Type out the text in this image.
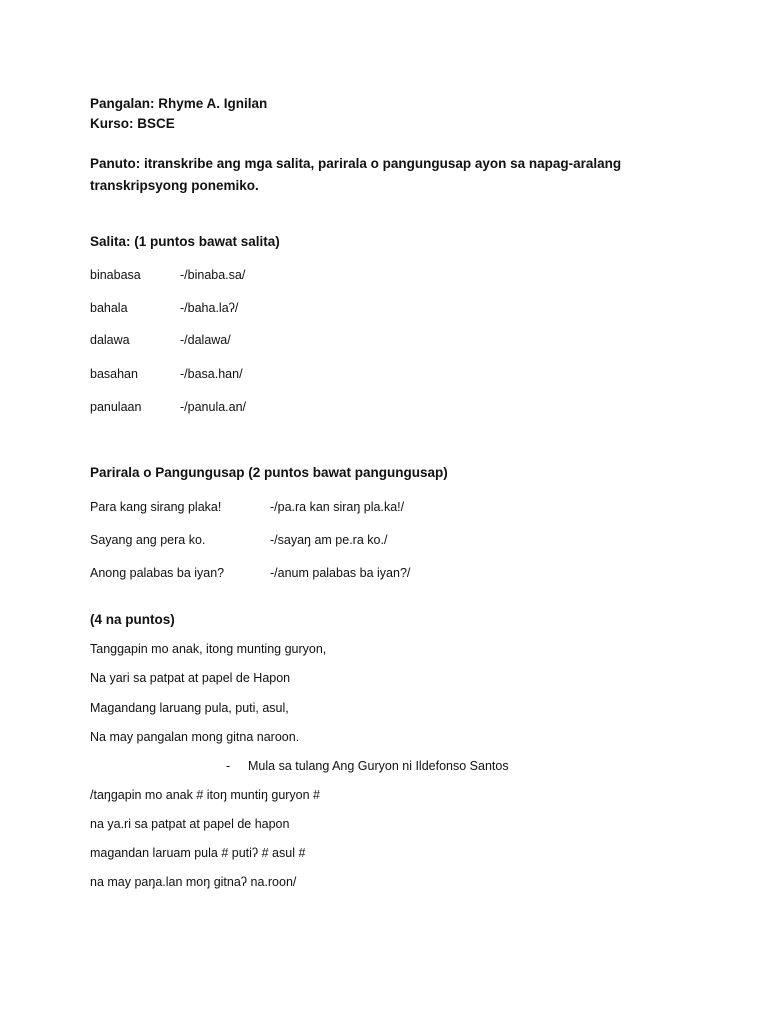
Pangalan: Rhyme A. Ignilan
Kurso: BSCE
Panuto: itranskribe ang mga salita, parirala o pangungusap ayon sa napag-aralang
transkripsyong ponemiko.
Salita: (1 puntos bawat salita)
binabasa	-/binaba.sa/
bahala	-/baha.laʔ/
dalawa	-/dalawa/
basahan	-/basa.han/
panulaan	-/panula.an/
Parirala o Pangungusap (2 puntos bawat pangungusap)
Para kang sirang plaka!	-/pa.ra kan siraŋ pla.ka!/
Sayang ang pera ko.	-/sayaŋ am pe.ra ko./
Anong palabas ba iyan?	-/anum palabas ba iyan?/
(4 na puntos)
Tanggapin mo anak, itong munting guryon,
Na yari sa patpat at papel de Hapon
Magandang laruang pula, puti, asul,
Na may pangalan mong gitna naroon.
- Mula sa tulang Ang Guryon ni Ildefonso Santos
/taŋgapin mo anak # itoŋ muntiŋ guryon #
na ya.ri sa patpat at papel de hapon
magandan laruam pula # putiʔ # asul #
na may paŋa.lan moŋ gitnaʔ na.roon/
